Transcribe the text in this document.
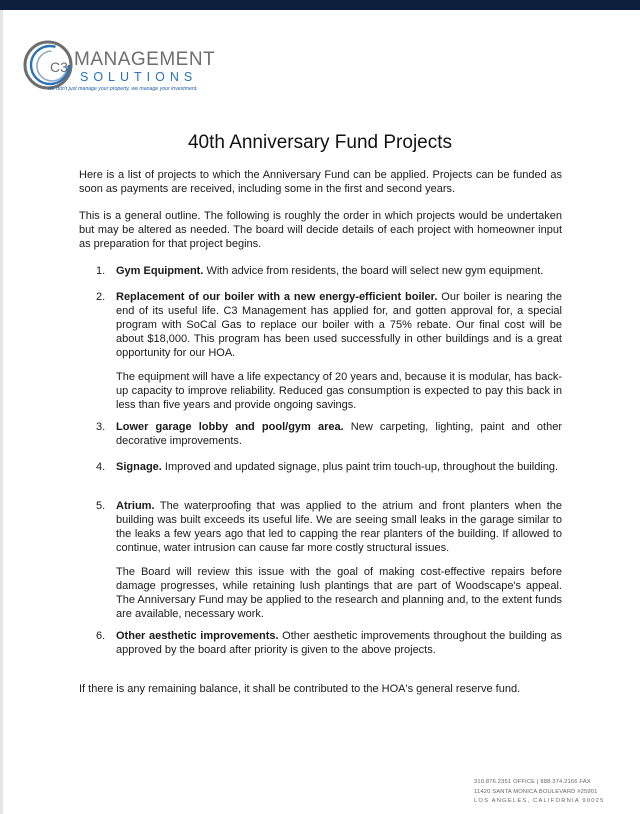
C3 MANAGEMENT
SOLUTIONS
we don't just manage your property, we manage your investment.
40th Anniversary Fund Projects

Here is a list of projects to which the Anniversary Fund can be applied. Projects can be funded as soon as payments are received, including some in the first and second years.

This is a general outline. The following is roughly the order in which projects would be undertaken but may be altered as needed. The board will decide details of each project with homeowner input as preparation for that project begins.

1. Gym Equipment. With advice from residents, the board will select new gym equipment.

2. Replacement of our boiler with a new energy-efficient boiler. Our boiler is nearing the end of its useful life. C3 Management has applied for, and gotten approval for, a special program with SoCal Gas to replace our boiler with a 75% rebate. Our final cost will be about $18,000. This program has been used successfully in other buildings and is a great opportunity for our HOA.

The equipment will have a life expectancy of 20 years and, because it is modular, has back-up capacity to improve reliability. Reduced gas consumption is expected to pay this back in less than five years and provide ongoing savings.

3. Lower garage lobby and pool/gym area. New carpeting, lighting, paint and other decorative improvements.

4. Signage. Improved and updated signage, plus paint trim touch-up, throughout the building.

5. Atrium. The waterproofing that was applied to the atrium and front planters when the building was built exceeds its useful life. We are seeing small leaks in the garage similar to the leaks a few years ago that led to capping the rear planters of the building. If allowed to continue, water intrusion can cause far more costly structural issues.

The Board will review this issue with the goal of making cost-effective repairs before damage progresses, while retaining lush plantings that are part of Woodscape's appeal. The Anniversary Fund may be applied to the research and planning and, to the extent funds are available, necessary work.

6. Other aesthetic improvements. Other aesthetic improvements throughout the building as approved by the board after priority is given to the above projects.

If there is any remaining balance, it shall be contributed to the HOA's general reserve fund.

310.876.2351 OFFICE | 888.374.2166 FAX
11420 SANTA MONICA BOULEVARD #25901
LOS ANGELES, CALIFORNIA 90025
